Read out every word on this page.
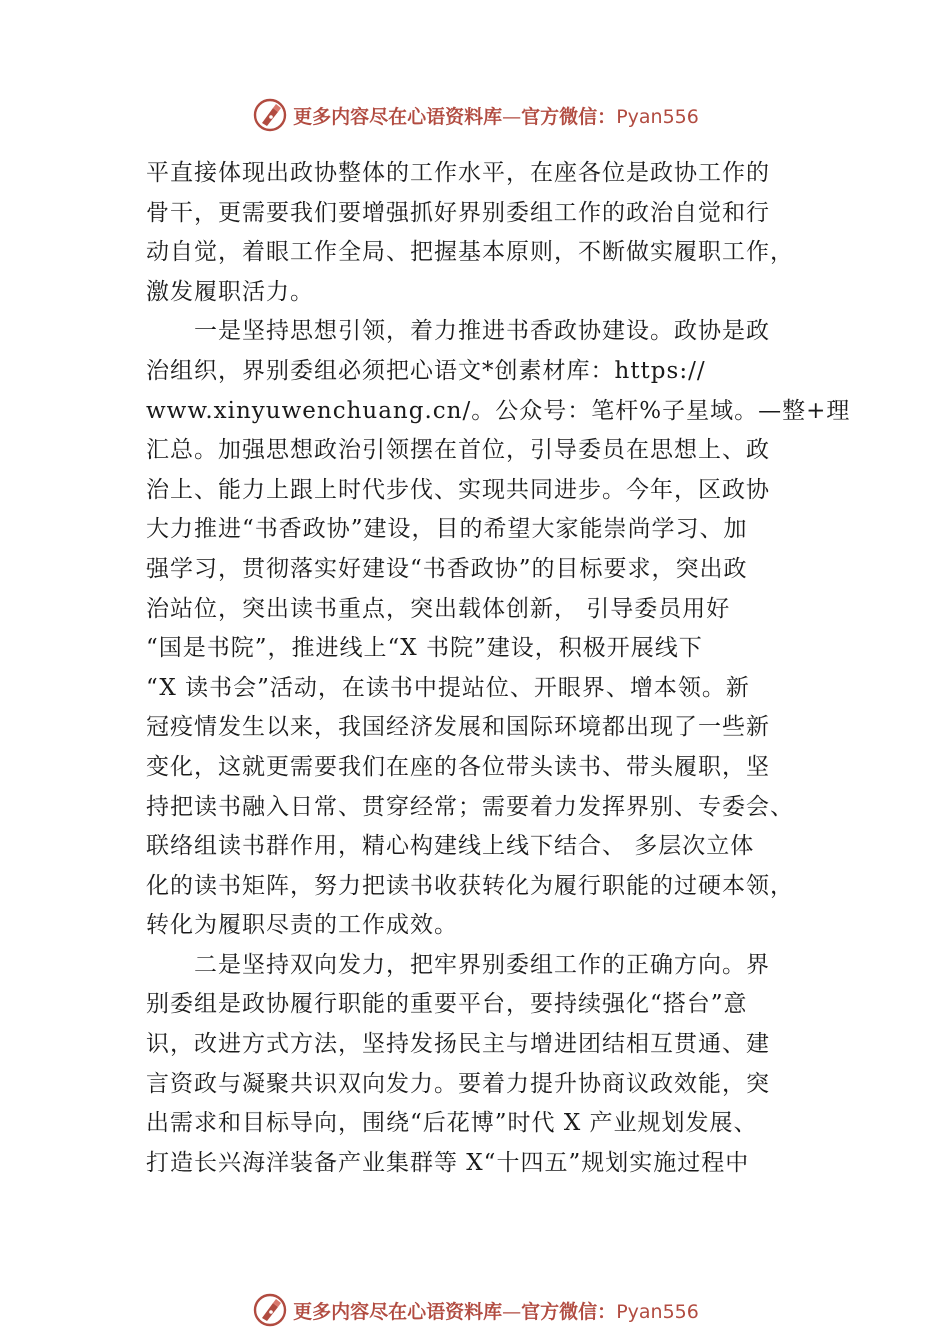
更多内容尽在心语资料库—官方微信：Pyan556
平直接体现出政协整体的工作水平，在座各位是政协工作的
骨干，更需要我们要增强抓好界别委组工作的政治自觉和行
动自觉，着眼工作全局、把握基本原则，不断做实履职工作，
激发履职活力。
　　一是坚持思想引领，着力推进书香政协建设。政协是政
治组织，界别委组必须把心语文*创素材库：https://
www.xinyuwenchuang.cn/。公众号：笔杆%子星域。—整+理
汇总。加强思想政治引领摆在首位，引导委员在思想上、政
治上、能力上跟上时代步伐、实现共同进步。今年，区政协
大力推进“书香政协”建设，目的希望大家能崇尚学习、加
强学习，贯彻落实好建设“书香政协”的目标要求，突出政
治站位，突出读书重点，突出载体创新， 引导委员用好
“国是书院”，推进线上“X 书院”建设，积极开展线下
“X 读书会”活动，在读书中提站位、开眼界、增本领。新
冠疫情发生以来，我国经济发展和国际环境都出现了一些新
变化，这就更需要我们在座的各位带头读书、带头履职，坚
持把读书融入日常、贯穿经常；需要着力发挥界别、专委会、
联络组读书群作用，精心构建线上线下结合、 多层次立体
化的读书矩阵，努力把读书收获转化为履行职能的过硬本领，
转化为履职尽责的工作成效。
　　二是坚持双向发力，把牢界别委组工作的正确方向。界
别委组是政协履行职能的重要平台，要持续强化“搭台”意
识，改进方式方法，坚持发扬民主与增进团结相互贯通、建
言资政与凝聚共识双向发力。要着力提升协商议政效能，突
出需求和目标导向，围绕“后花博”时代 X 产业规划发展、
打造长兴海洋装备产业集群等 X“十四五”规划实施过程中
更多内容尽在心语资料库—官方微信：Pyan556
